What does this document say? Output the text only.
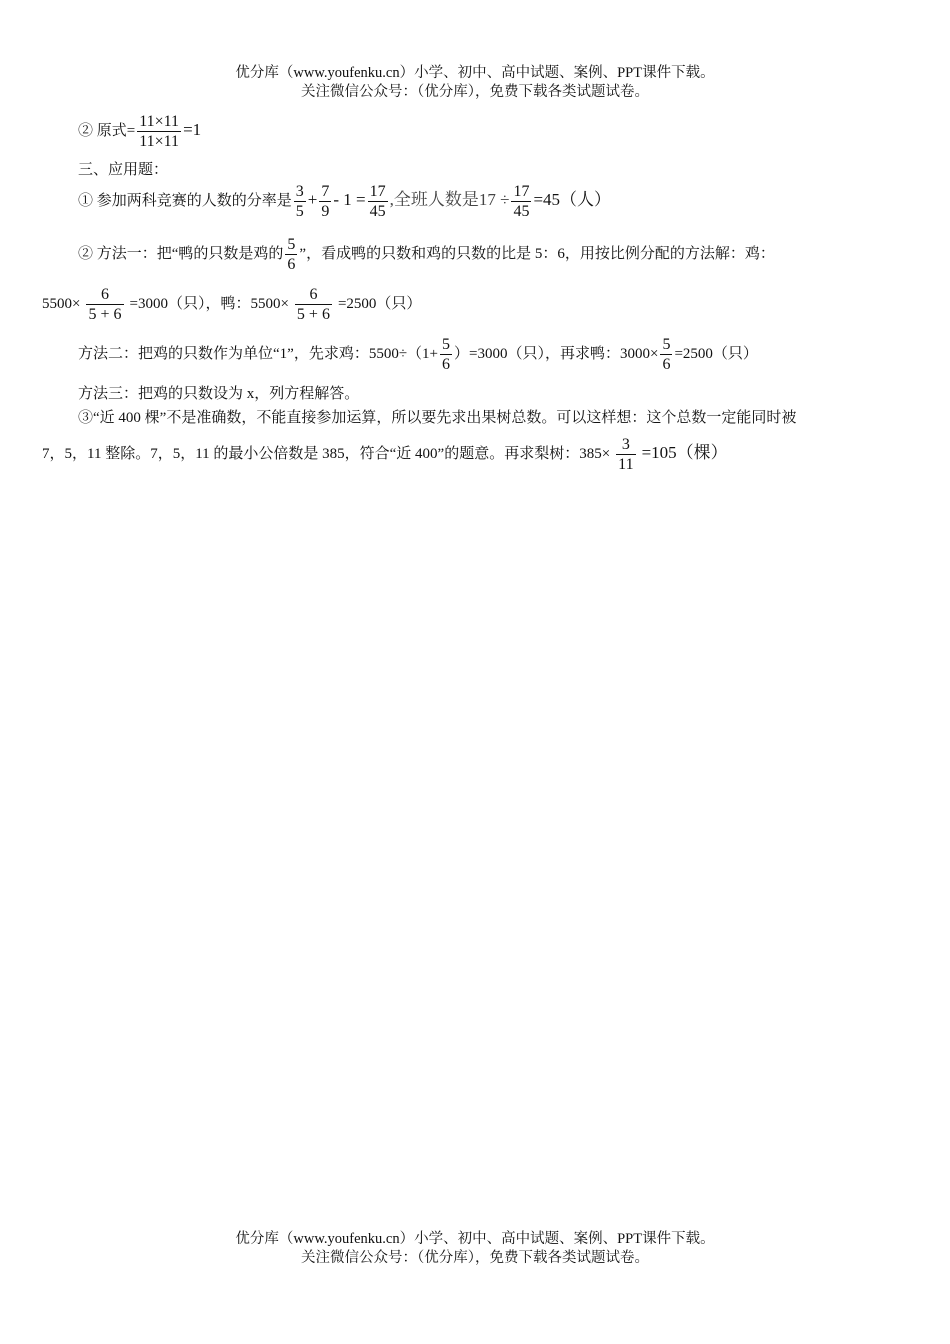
优分库（www.youfenku.cn）小学、初中、高中试题、案例、PPT课件下载。
关注微信公众号：（优分库），免费下载各类试题试卷。
② 原式= $\frac{11\times 11}{11\times 11} =1$
三、应用题：
① 参加两科竞赛的人数的分率是 $\frac{3}{5} + \frac{7}{9} - 1 = \frac{17}{45}$ ,全班人数是$17 \div \frac{17}{45} =45$（人）
② 方法一：把“鸭的只数是鸡的 $\frac{5}{6}$ ”，看成鸭的只数和鸡的只数的比是 5：6，用按比例分配的方法解：鸡：
$5500\times \frac{6}{5 + 6} =3000$（只），鸭：$5500\times \frac{6}{5 + 6} =2500$（只）
方法二：把鸡的只数作为单位“1”，先求鸡：$5500\div(1+ \frac{5}{6} )=3000$（只），再求鸭：$3000\times \frac{5}{6} =2500$（只）
方法三：把鸡的只数设为 x，列方程解答。
③“近 400 棵”不是准确数，不能直接参加运算，所以要先求出果树总数。可以这样想：这个总数一定能同时被
7，5，11 整除。7，5，11 的最小公倍数是 385，符合“近 400”的题意。再求梨树：$385\times \frac{3}{11} =105$（棵）
优分库（www.youfenku.cn）小学、初中、高中试题、案例、PPT课件下载。
关注微信公众号：（优分库），免费下载各类试题试卷。
